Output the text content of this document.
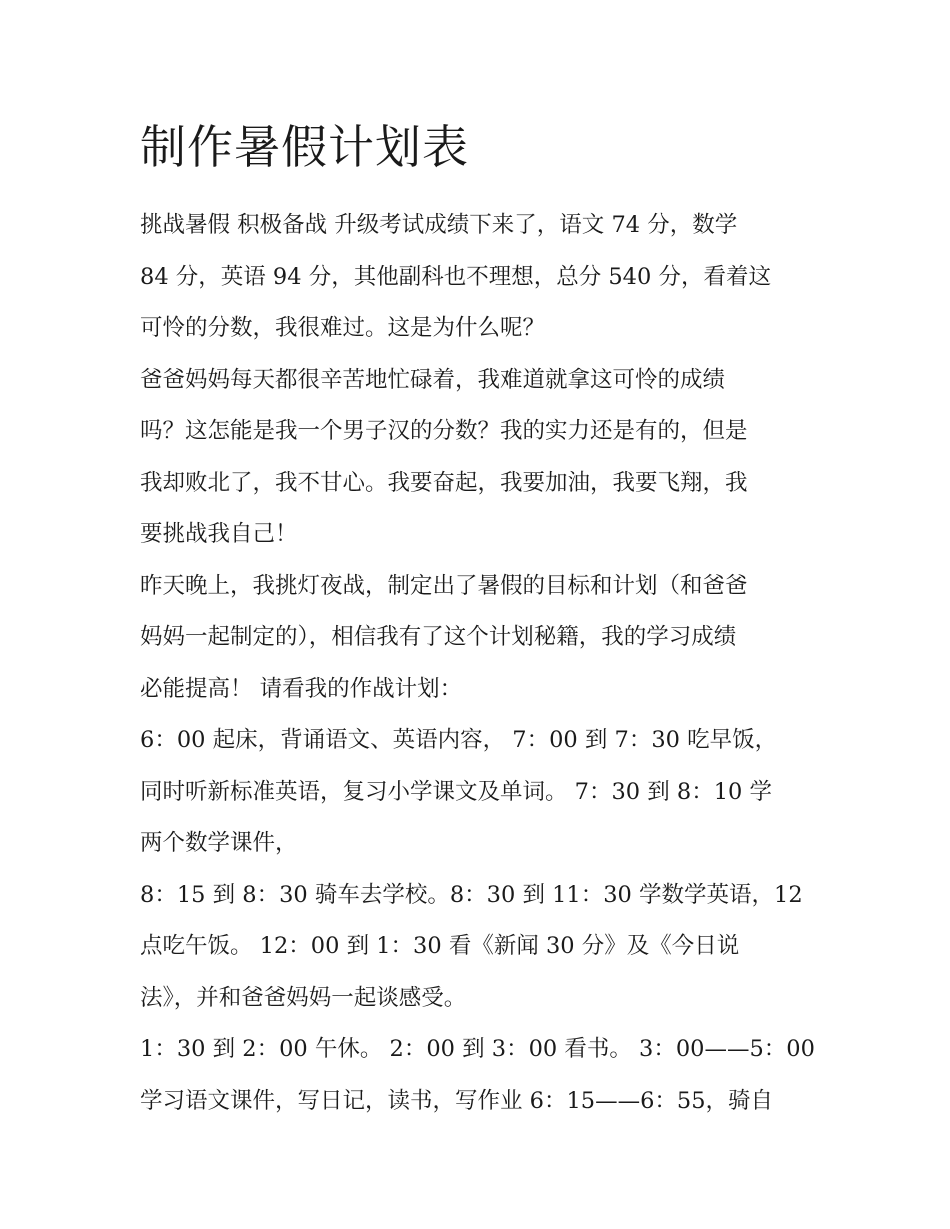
制作暑假计划表

挑战暑假 积极备战 升级考试成绩下来了，语文 74 分，数学
84 分，英语 94 分，其他副科也不理想，总分 540 分，看着这
可怜的分数，我很难过。这是为什么呢？

爸爸妈妈每天都很辛苦地忙碌着，我难道就拿这可怜的成绩
吗？这怎能是我一个男子汉的分数？我的实力还是有的，但是
我却败北了，我不甘心。我要奋起，我要加油，我要飞翔，我
要挑战我自己！

昨天晚上，我挑灯夜战，制定出了暑假的目标和计划（和爸爸
妈妈一起制定的），相信我有了这个计划秘籍，我的学习成绩
必能提高！ 请看我的作战计划：

6：00 起床，背诵语文、英语内容， 7：00 到 7：30 吃早饭，
同时听新标准英语，复习小学课文及单词。 7：30 到 8：10 学
两个数学课件，

8：15 到 8：30 骑车去学校。8：30 到 11：30 学数学英语，12
点吃午饭。 12：00 到 1：30 看《新闻 30 分》及《今日说
法》，并和爸爸妈妈一起谈感受。

1：30 到 2：00 午休。 2：00 到 3：00 看书。 3：00——5：00
学习语文课件，写日记，读书，写作业 6：15——6：55，骑自
